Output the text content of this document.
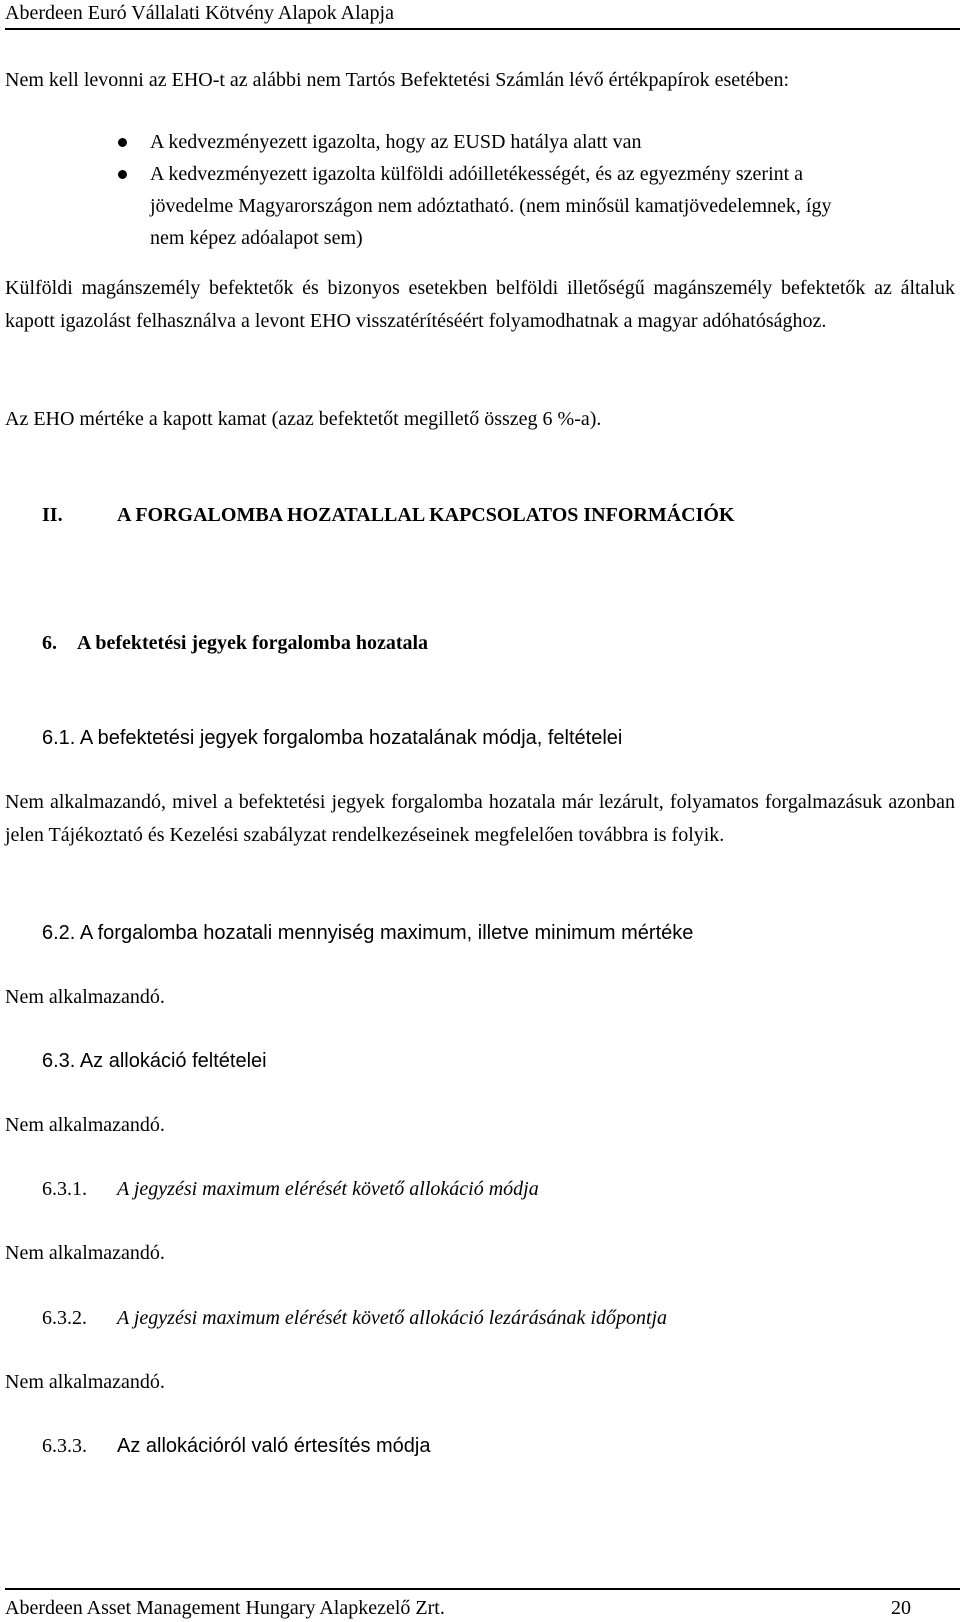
Aberdeen Euró Vállalati Kötvény Alapok Alapja
Nem kell levonni az EHO-t az alábbi nem Tartós Befektetési Számlán lévő értékpapírok esetében:
A kedvezményezett igazolta, hogy az EUSD hatálya alatt van
A kedvezményezett igazolta külföldi adóilletékességét, és az egyezmény szerint a jövedelme Magyarországon nem adóztatható. (nem minősül kamatjövedelemnek, így nem képez adóalapot sem)
Külföldi magánszemély befektetők és bizonyos esetekben belföldi illetőségű magánszemély befektetők az általuk kapott igazolást felhasználva a levont EHO visszatérítéséért folyamodhatnak a magyar adóhatósághoz.
Az EHO mértéke a kapott kamat (azaz befektetőt megillető összeg 6 %-a).
II.	A FORGALOMBA HOZATALLAL KAPCSOLATOS INFORMÁCIÓK
6. A befektetési jegyek forgalomba hozatala
6.1. A befektetési jegyek forgalomba hozatalának módja, feltételei
Nem alkalmazandó, mivel a befektetési jegyek forgalomba hozatala már lezárult, folyamatos forgalmazásuk azonban jelen Tájékoztató és Kezelési szabályzat rendelkezéseinek megfelelően továbbra is folyik.
6.2. A forgalomba hozatali mennyiség maximum, illetve minimum mértéke
Nem alkalmazandó.
6.3. Az allokáció feltételei
Nem alkalmazandó.
6.3.1. A jegyzési maximum elérését követő allokáció módja
Nem alkalmazandó.
6.3.2. A jegyzési maximum elérését követő allokáció lezárásának időpontja
Nem alkalmazandó.
6.3.3. Az allokációról való értesítés módja
Aberdeen Asset Management Hungary Alapkezelő Zrt.	20
